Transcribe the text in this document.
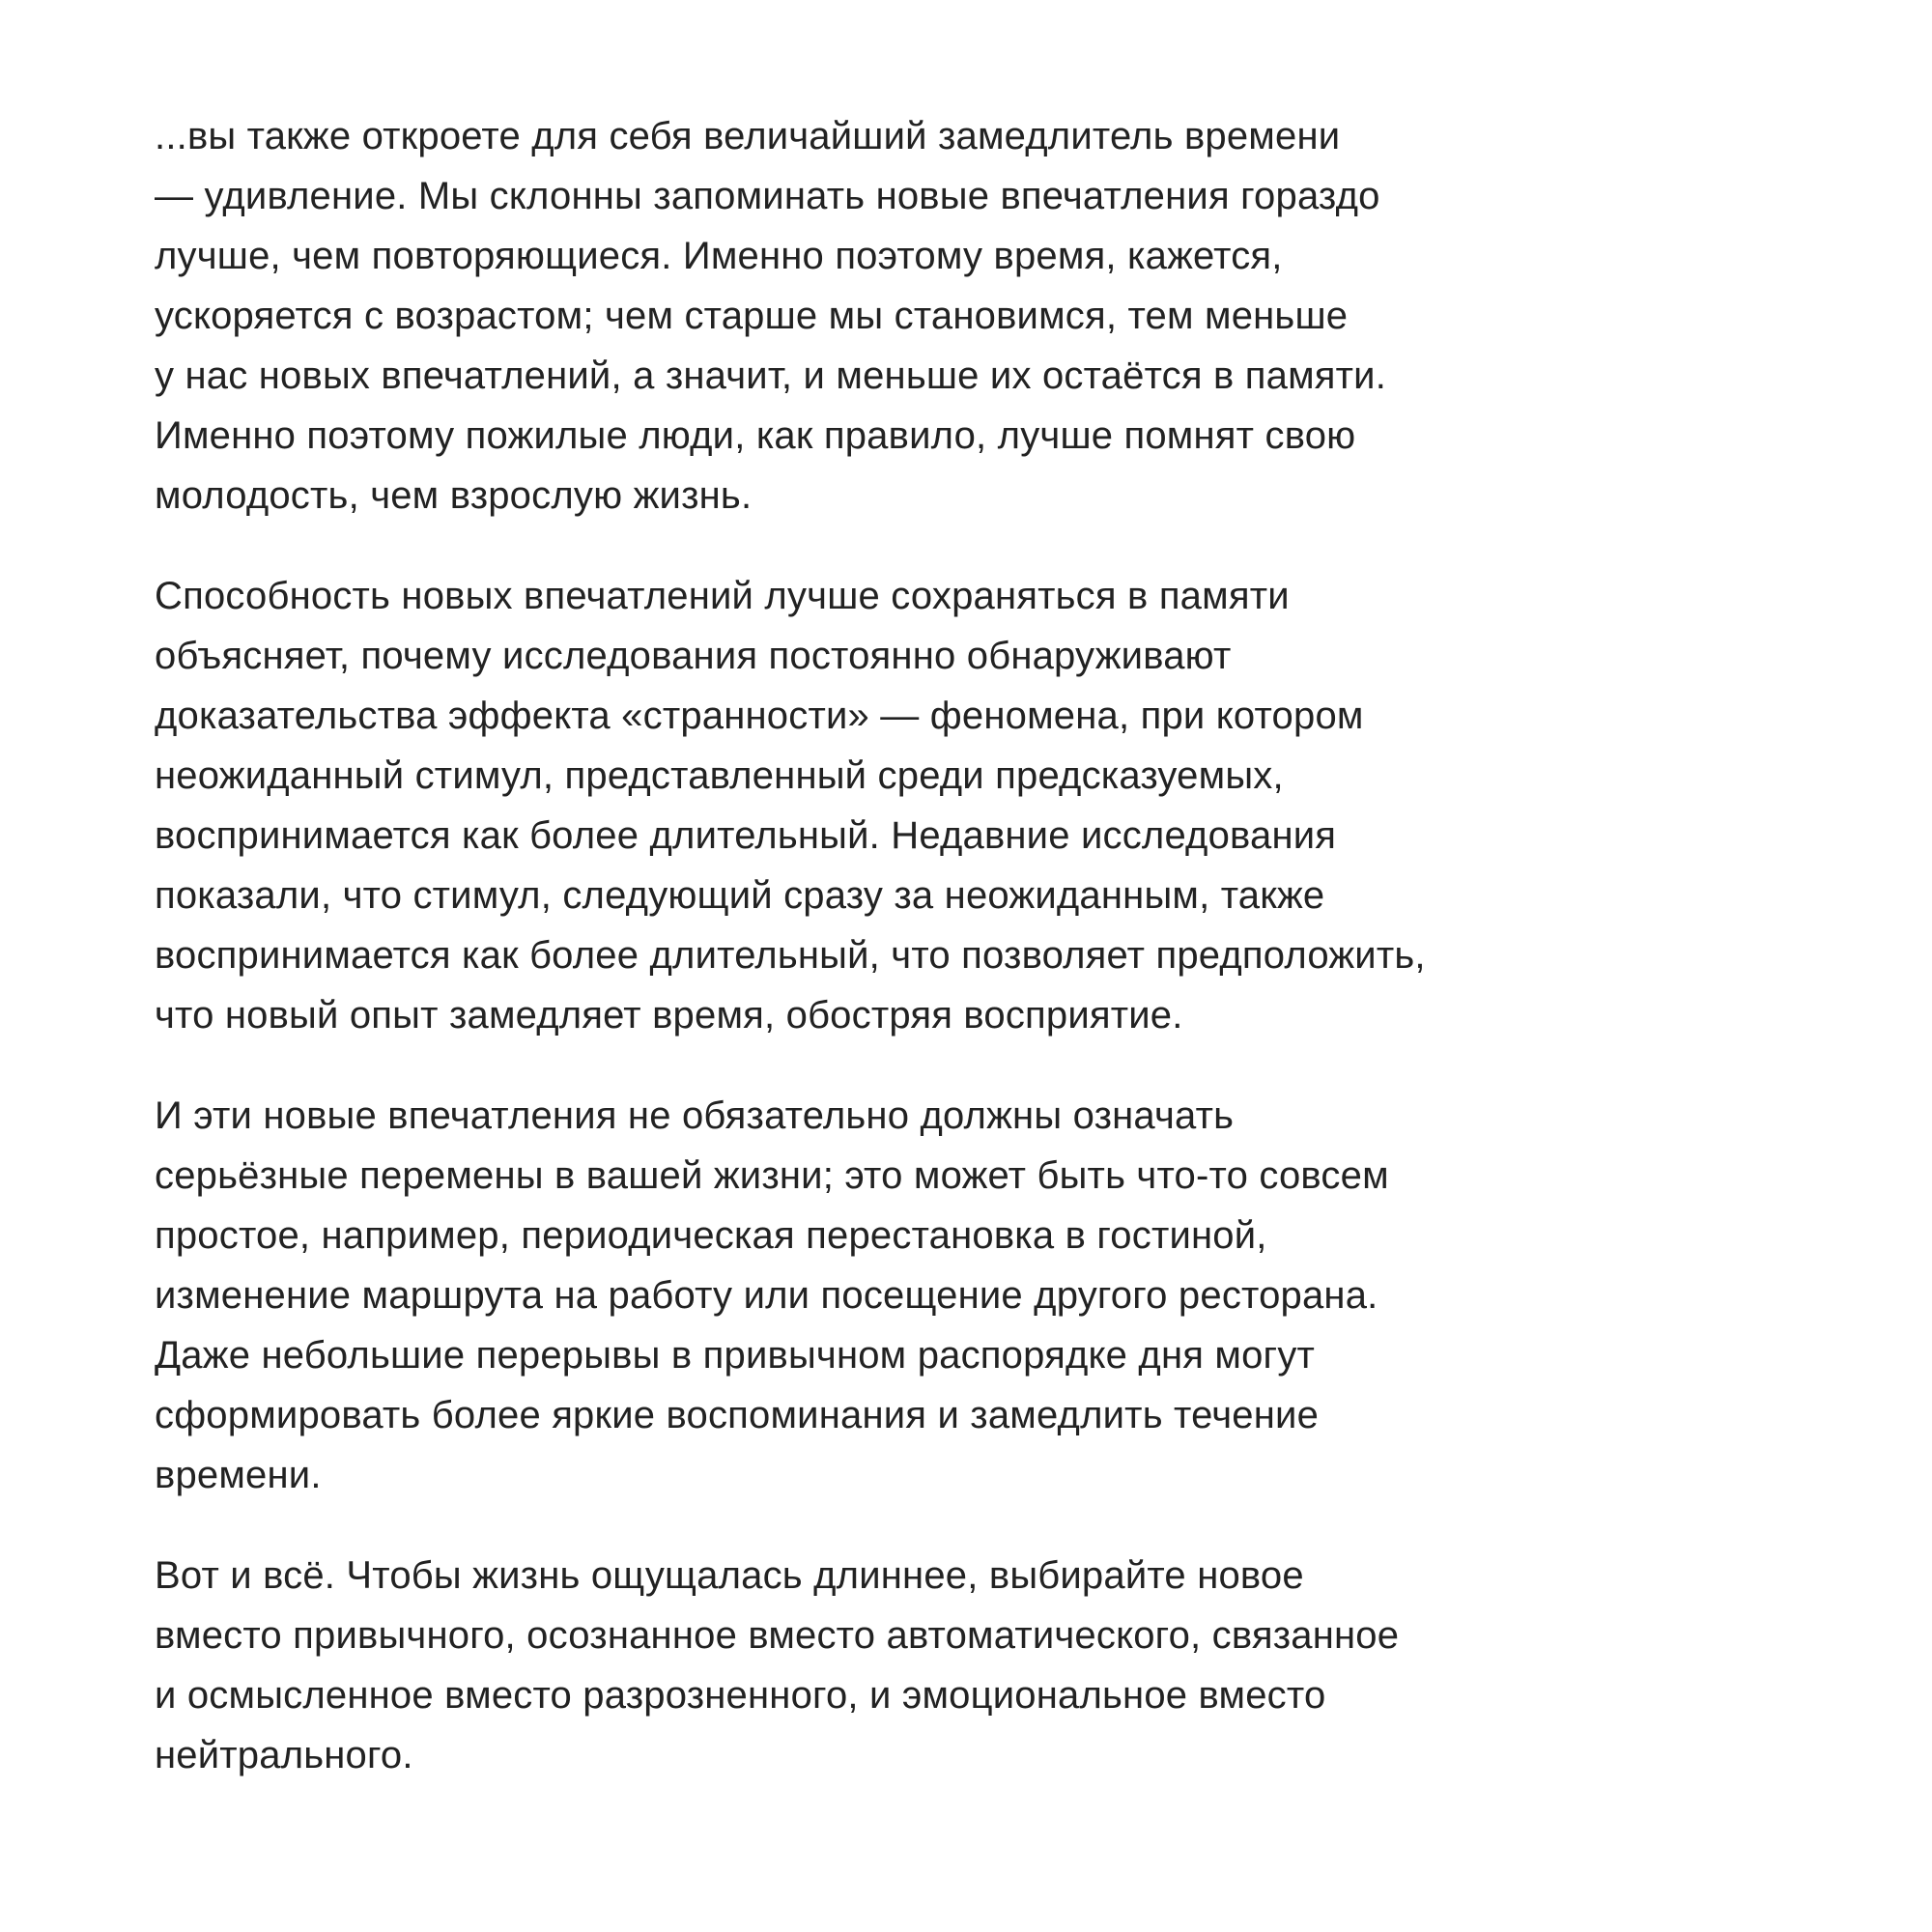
...вы также откроете для себя величайший замедлитель времени
— удивление. Мы склонны запоминать новые впечатления гораздо
лучше, чем повторяющиеся. Именно поэтому время, кажется,
ускоряется с возрастом; чем старше мы становимся, тем меньше
у нас новых впечатлений, а значит, и меньше их остаётся в памяти.
Именно поэтому пожилые люди, как правило, лучше помнят свою
молодость, чем взрослую жизнь.
Способность новых впечатлений лучше сохраняться в памяти
объясняет, почему исследования постоянно обнаруживают
доказательства эффекта «странности» — феномена, при котором
неожиданный стимул, представленный среди предсказуемых,
воспринимается как более длительный. Недавние исследования
показали, что стимул, следующий сразу за неожиданным, также
воспринимается как более длительный, что позволяет предположить,
что новый опыт замедляет время, обостряя восприятие.
И эти новые впечатления не обязательно должны означать
серьёзные перемены в вашей жизни; это может быть что-то совсем
простое, например, периодическая перестановка в гостиной,
изменение маршрута на работу или посещение другого ресторана.
Даже небольшие перерывы в привычном распорядке дня могут
сформировать более яркие воспоминания и замедлить течение
времени.
Вот и всё. Чтобы жизнь ощущалась длиннее, выбирайте новое
вместо привычного, осознанное вместо автоматического, связанное
и осмысленное вместо разрозненного, и эмоциональное вместо
нейтрального.
